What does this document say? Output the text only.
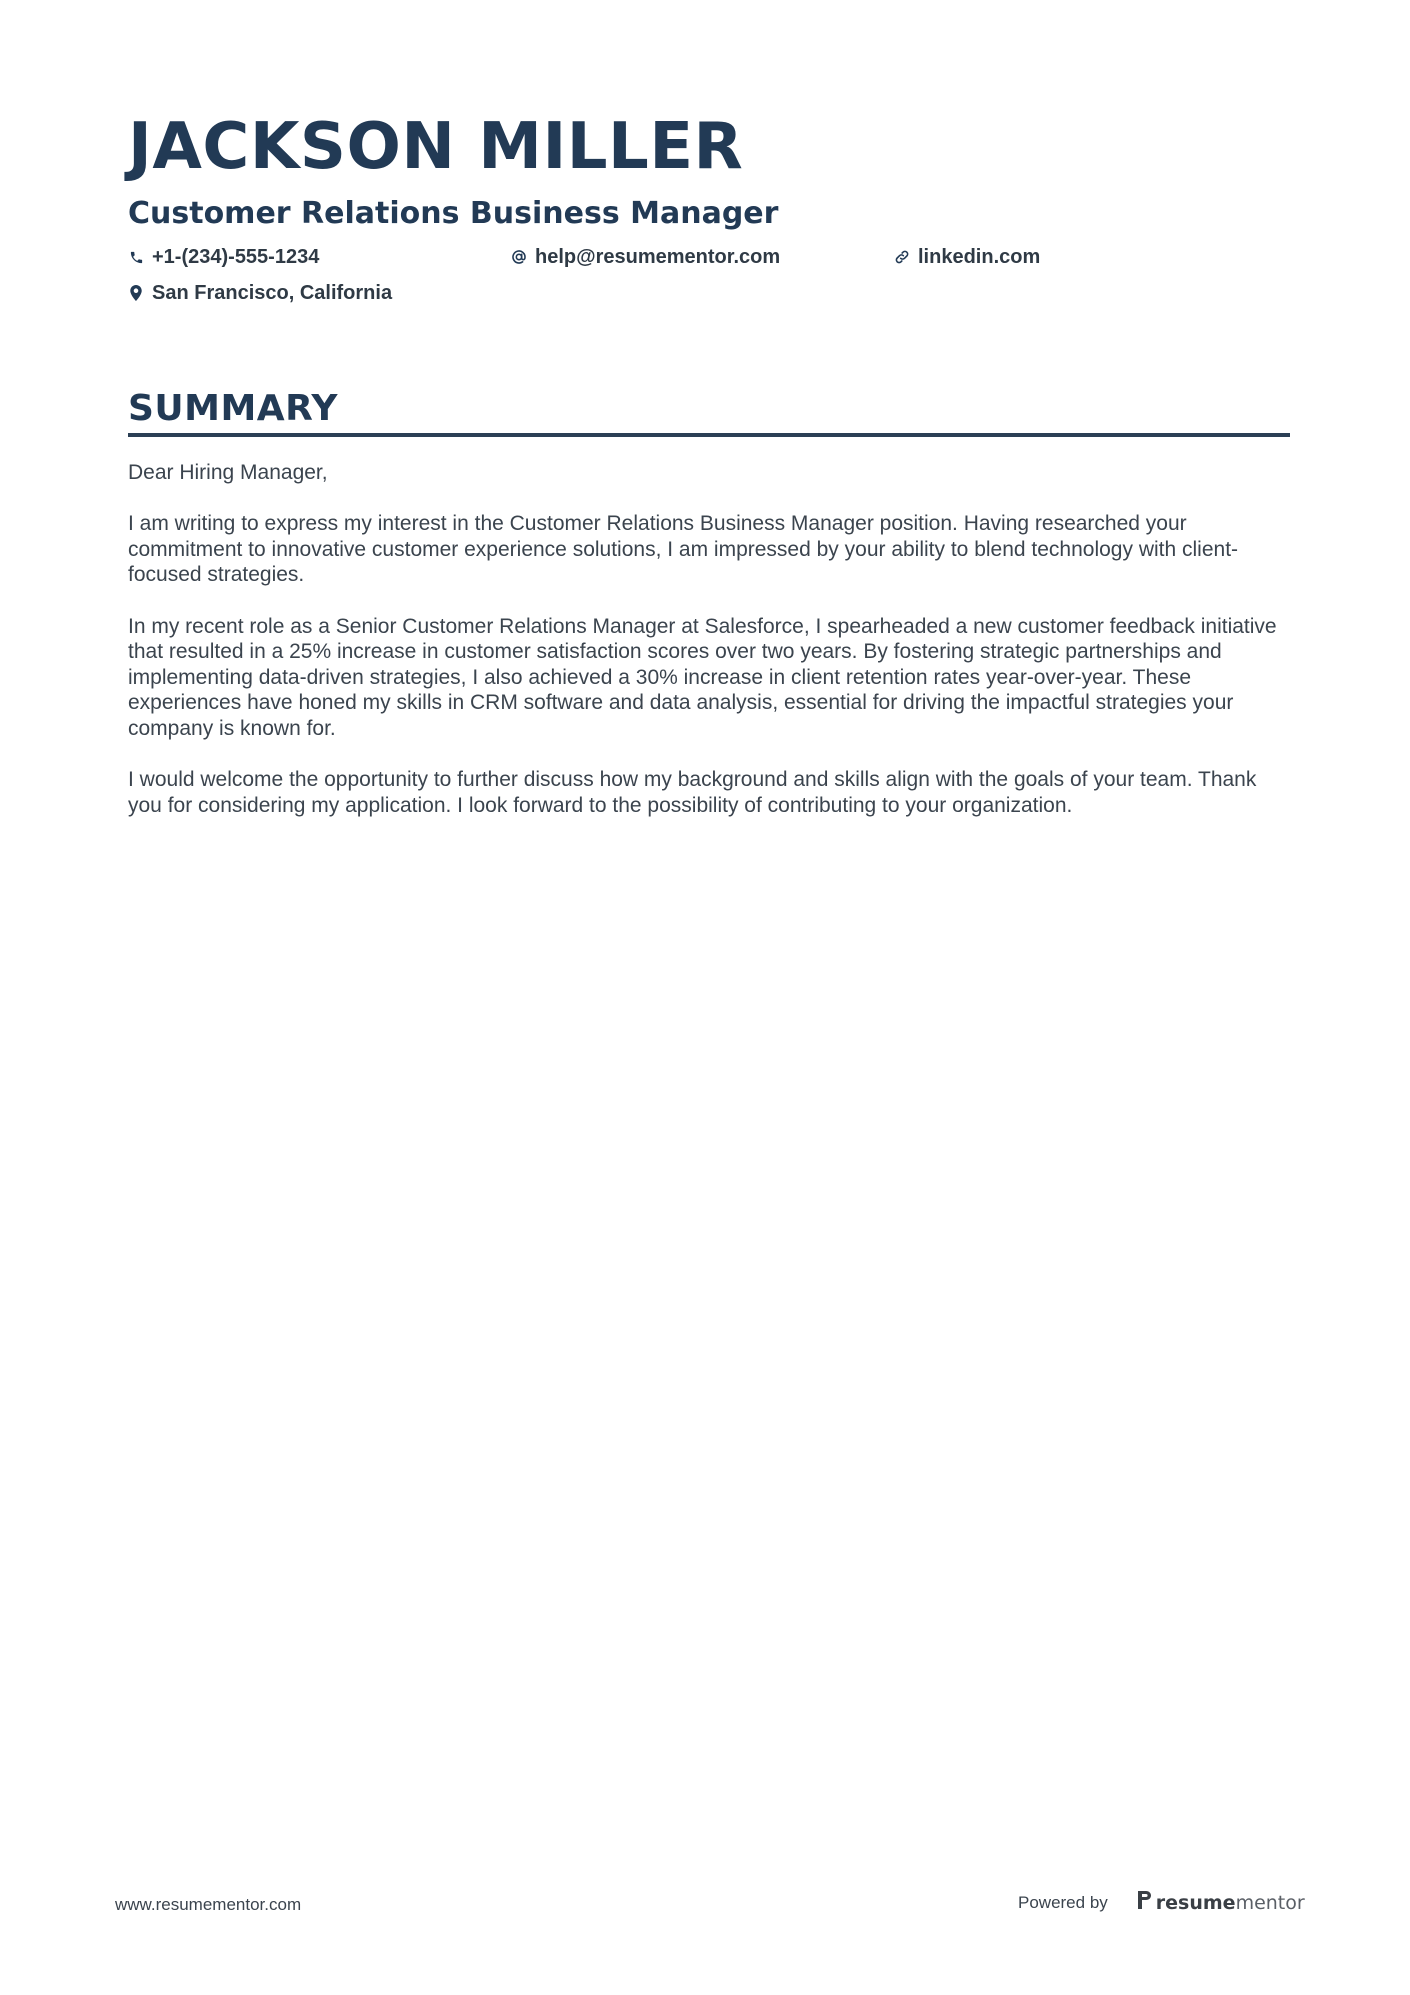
JACKSON MILLER
Customer Relations Business Manager
+1-(234)-555-1234	help@resumementor.com	linkedin.com
San Francisco, California
SUMMARY

Dear Hiring Manager,

I am writing to express my interest in the Customer Relations Business Manager position. Having researched your commitment to innovative customer experience solutions, I am impressed by your ability to blend technology with client-focused strategies.

In my recent role as a Senior Customer Relations Manager at Salesforce, I spearheaded a new customer feedback initiative that resulted in a 25% increase in customer satisfaction scores over two years. By fostering strategic partnerships and implementing data-driven strategies, I also achieved a 30% increase in client retention rates year-over-year. These experiences have honed my skills in CRM software and data analysis, essential for driving the impactful strategies your company is known for.

I would welcome the opportunity to further discuss how my background and skills align with the goals of your team. Thank you for considering my application. I look forward to the possibility of contributing to your organization.

www.resumementor.com	Powered by	resume mentor
